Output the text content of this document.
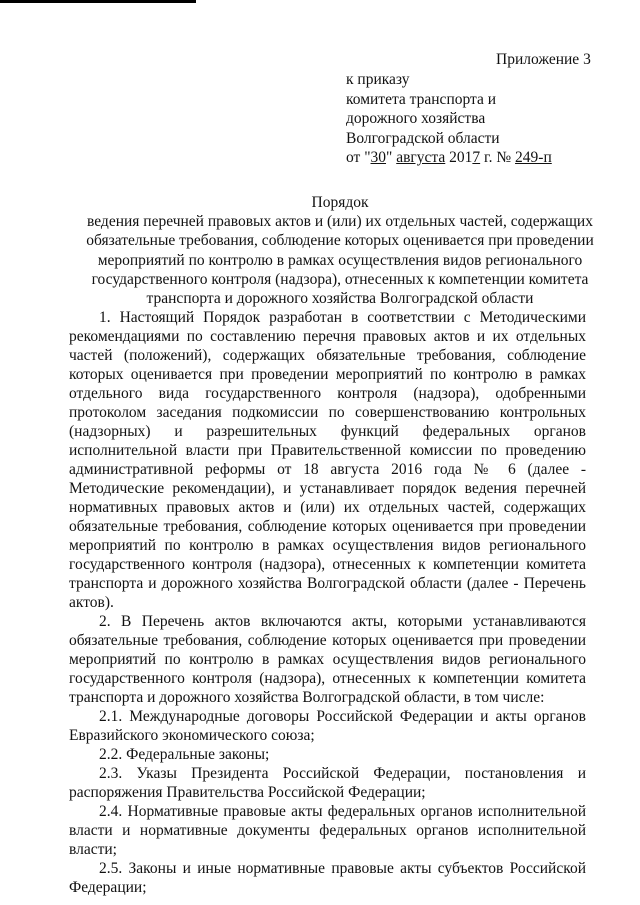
Приложение 3
к приказу
комитета транспорта и
дорожного хозяйства
Волгоградской области
от "30" августа 2017 г. № 249-п
Порядок
ведения перечней правовых актов и (или) их отдельных частей, содержащих
обязательные требования, соблюдение которых оценивается при проведении
мероприятий по контролю в рамках осуществления видов регионального
государственного контроля (надзора), отнесенных к компетенции комитета
транспорта и дорожного хозяйства Волгоградской области

1. Настоящий Порядок разработан в соответствии с Методическими рекомендациями по составлению перечня правовых актов и их отдельных частей (положений), содержащих обязательные требования, соблюдение которых оценивается при проведении мероприятий по контролю в рамках отдельного вида государственного контроля (надзора), одобренными протоколом заседания подкомиссии по совершенствованию контрольных (надзорных) и разрешительных функций федеральных органов исполнительной власти при Правительственной комиссии по проведению административной реформы от 18 августа 2016 года № 6 (далее - Методические рекомендации), и устанавливает порядок ведения перечней нормативных правовых актов и (или) их отдельных частей, содержащих обязательные требования, соблюдение которых оценивается при проведении мероприятий по контролю в рамках осуществления видов регионального государственного контроля (надзора), отнесенных к компетенции комитета транспорта и дорожного хозяйства Волгоградской области (далее - Перечень актов).

2. В Перечень актов включаются акты, которыми устанавливаются обязательные требования, соблюдение которых оценивается при проведении мероприятий по контролю в рамках осуществления видов регионального государственного контроля (надзора), отнесенных к компетенции комитета транспорта и дорожного хозяйства Волгоградской области, в том числе:

2.1. Международные договоры Российской Федерации и акты органов Евразийского экономического союза;

2.2. Федеральные законы;

2.3. Указы Президента Российской Федерации, постановления и распоряжения Правительства Российской Федерации;

2.4. Нормативные правовые акты федеральных органов исполнительной власти и нормативные документы федеральных органов исполнительной власти;

2.5. Законы и иные нормативные правовые акты субъектов Российской Федерации;
